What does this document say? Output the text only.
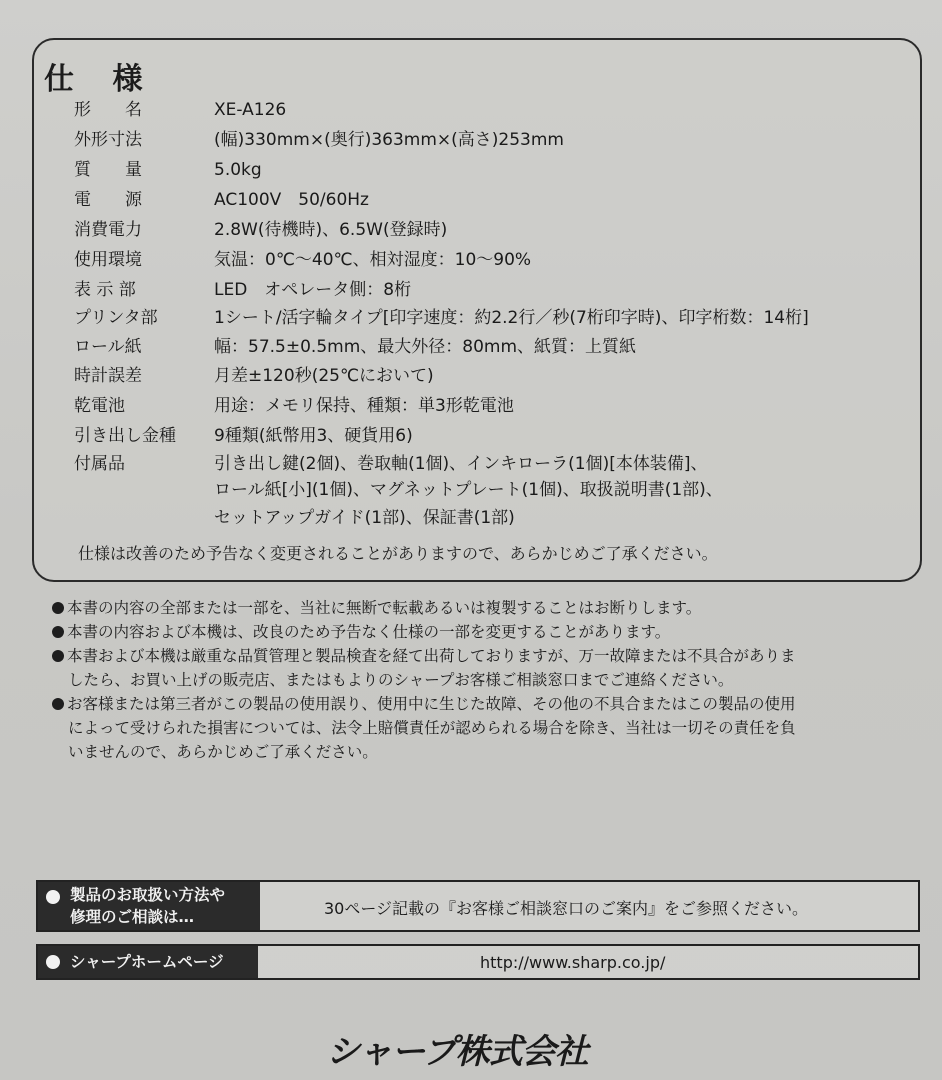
仕 様
形　　名	XE-A126
外形寸法	(幅)330mm×(奥行)363mm×(高さ)253mm
質　　量	5.0kg
電　　源	AC100V　50/60Hz
消費電力	2.8W(待機時)、6.5W(登録時)
使用環境	気温：0℃～40℃、相対湿度：10～90%
表 示 部	LED　オペレータ側：8桁
プリンタ部	1シート/活字輪タイプ[印字速度：約2.2行／秒(7桁印字時)、印字桁数：14桁]
ロール紙	幅：57.5±0.5mm、最大外径：80mm、紙質：上質紙
時計誤差	月差±120秒(25℃において)
乾電池	用途：メモリ保持、種類：単3形乾電池
引き出し金種	9種類(紙幣用3、硬貨用6)
付属品	引き出し鍵(2個)、巻取軸(1個)、インキローラ(1個)[本体装備]、
ロール紙[小](1個)、マグネットプレート(1個)、取扱説明書(1部)、
セットアップガイド(1部)、保証書(1部)
仕様は改善のため予告なく変更されることがありますので、あらかじめご了承ください。
本書の内容の全部または一部を、当社に無断で転載あるいは複製することはお断りします。
本書の内容および本機は、改良のため予告なく仕様の一部を変更することがあります。
本書および本機は厳重な品質管理と製品検査を経て出荷しておりますが、万一故障または不具合がありま
したら、お買い上げの販売店、またはもよりのシャープお客様ご相談窓口までご連絡ください。
お客様または第三者がこの製品の使用誤り、使用中に生じた故障、その他の不具合またはこの製品の使用
によって受けられた損害については、法令上賠償責任が認められる場合を除き、当社は一切その責任を負
いませんので、あらかじめご了承ください。
製品のお取扱い方法や
修理のご相談は…	30ページ記載の『お客様ご相談窓口のご案内』をご参照ください。
シャープホームページ	http://www.sharp.co.jp/
シャープ株式会社
